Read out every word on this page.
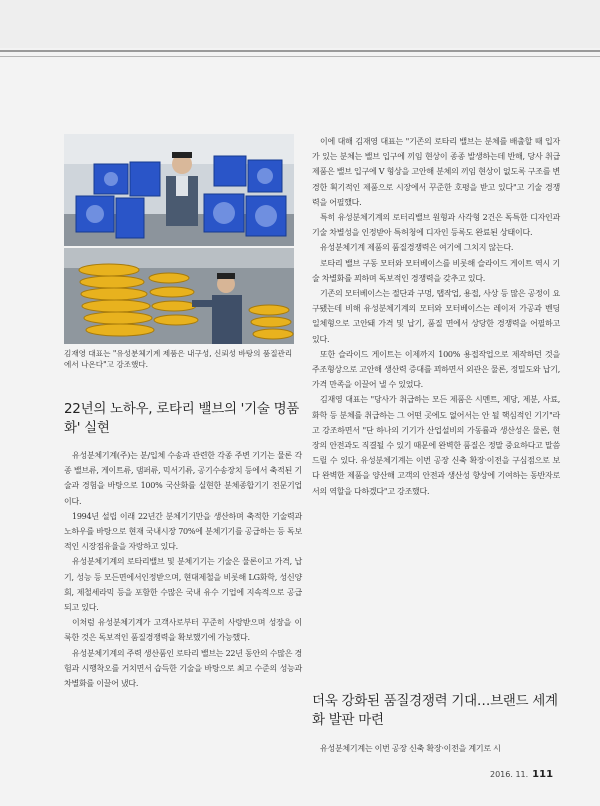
김재영 대표는 "유성분체기계 제품은 내구성, 신뢰성 바탕의 품질관리에서 나온다"고 강조했다.
22년의 노하우, 로타리 밸브의 '기술 명품화' 실현

유성분체기계(주)는 분/입체 수송과 관련한 각종 주변 기기는 물론 각종 밸브류, 게이트류, 댐퍼류, 믹서기류, 공기수송장치 등에서 축적된 기술과 경험을 바탕으로 100% 국산화를 실현한 분체종합기기 전문기업이다.

1994년 설립 이래 22년간 분체기기만을 생산하며 축적한 기술력과 노하우를 바탕으로 현재 국내시장 70%에 분체기기를 공급하는 등 독보적인 시장점유율을 자랑하고 있다.

유성분체기계의 로타리밸브 및 분체기기는 기술은 물론이고 가격, 납기, 성능 등 모든면에서인정받으며, 현대제철을 비롯해 LG화학, 성신양회, 제철세라믹 등을 포함한 수많은 국내 유수 기업에 지속적으로 공급되고 있다.

이처럼 유성분체기계가 고객사로부터 꾸준히 사랑받으며 성장을 이룩한 것은 독보적인 품질경쟁력을 확보했기에 가능했다.

유성분체기계의 주력 생산품인 로타리 밸브는 22년 동안의 수많은 경험과 시행착오를 거치면서 습득한 기술을 바탕으로 최고 수준의 성능과 차별화를 이끌어 냈다.

이에 대해 김재영 대표는 "기존의 로타리 밸브는 분체를 배출할 때 입자가 있는 분체는 밸브 입구에 끼임 현상이 종종 발생하는데 반해, 당사 취급 제품은 밸브 입구에 V 형상을 고안해 분체의 끼임 현상이 없도록 구조를 변경한 획기적인 제품으로 시장에서 꾸준한 호평을 받고 있다"고 기술 경쟁력을 어필했다.

특히 유성분체기계의 로터리밸브 원형과 사각형 2건은 독특한 디자인과 기술 차별성을 인정받아 특허청에 디자인 등록도 완료된 상태이다.

유성분체기계 제품의 품질경쟁력은 여기에 그치지 않는다.

로타리 밸브 구동 모터와 모터베이스를 비롯해 슬라이드 게이트 역시 기술 차별화를 꾀하며 독보적인 경쟁력을 갖추고 있다.

기존의 모터베이스는 절단과 구멍, 탭작업, 용접, 사상 등 많은 공정이 요구됐는데 비해 유성분체기계의 모터와 모터베이스는 레이저 가공과 벤딩 일체형으로 고안돼 가격 및 납기, 품질 면에서 상당한 경쟁력을 어필하고 있다.

또한 슬라이드 게이트는 이제까지 100% 용접작업으로 제작하던 것을 주조형상으로 고안해 생산력 증대를 꾀하면서 외관은 물론, 정밀도와 납기, 가격 만족을 이끌어 낼 수 있었다.

김재영 대표는 "당사가 취급하는 모든 제품은 시멘트, 제당, 제분, 사료, 화학 등 분체를 취급하는 그 어떤 곳에도 없어서는 안 될 핵심적인 기기"라고 강조하면서 "단 하나의 기기가 산업설비의 가동률과 생산성은 물론, 현장의 안전과도 직결될 수 있기 때문에 완벽한 품질은 정말 중요하다고 말씀드릴 수 있다. 유성분체기계는 이번 공장 신축 확장·이전을 구심점으로 보다 완벽한 제품을 양산해 고객의 안전과 생산성 향상에 기여하는 동반자로서의 역할을 다하겠다"고 강조했다.

더욱 강화된 품질경쟁력 기대…브랜드 세계화 발판 마련
유성분체기계는 이번 공장 신축 확장·이전을 계기로 시
2016. 11. 111
